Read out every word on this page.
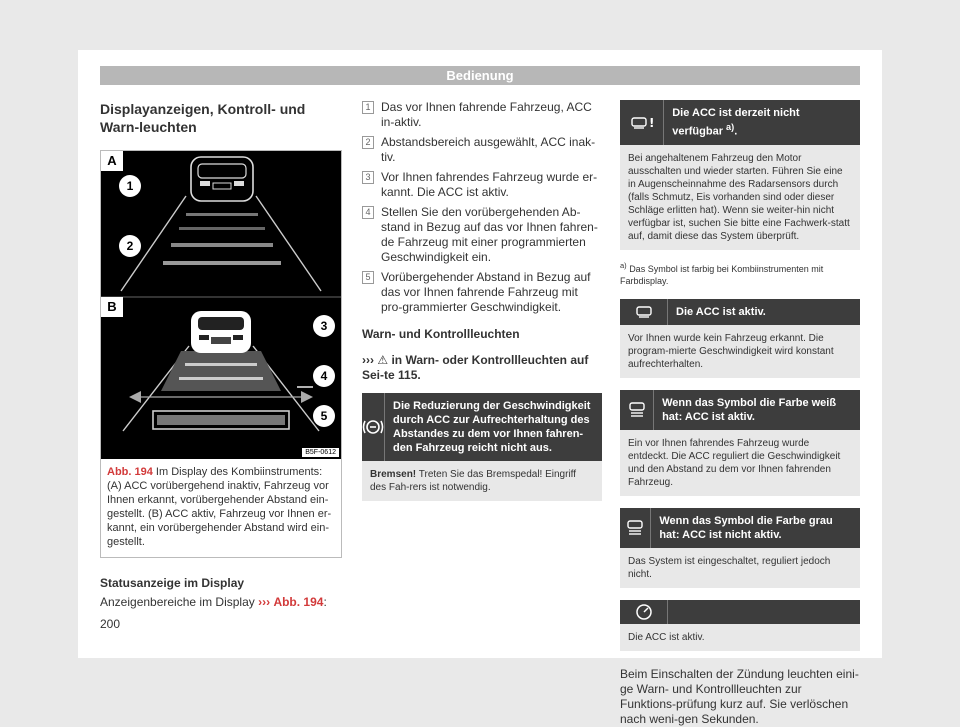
Bedienung
Displayanzeigen, Kontroll- und Warn-leuchten
A
B
1
2
3
4
5
B5F-0612
Abb. 194 Im Display des Kombiinstruments: (A) ACC vorübergehend inaktiv, Fahrzeug vor Ihnen erkannt, vorübergehender Abstand ein-gestellt. (B) ACC aktiv, Fahrzeug vor Ihnen er-kannt, ein vorübergehender Abstand wird ein-gestellt.
Statusanzeige im Display
Anzeigenbereiche im Display ››› Abb. 194:
1 Das vor Ihnen fahrende Fahrzeug, ACC in-aktiv.
2 Abstandsbereich ausgewählt, ACC inak-tiv.
3 Vor Ihnen fahrendes Fahrzeug wurde er-kannt. Die ACC ist aktiv.
4 Stellen Sie den vorübergehenden Ab-stand in Bezug auf das vor Ihnen fahren-de Fahrzeug mit einer programmierten Geschwindigkeit ein.
5 Vorübergehender Abstand in Bezug auf das vor Ihnen fahrende Fahrzeug mit pro-grammierter Geschwindigkeit.
Warn- und Kontrollleuchten
››› ⚠ in Warn- oder Kontrollleuchten auf Sei-te 115.
Die Reduzierung der Geschwindigkeit durch ACC zur Aufrechterhaltung des Abstandes zu dem vor Ihnen fahren-den Fahrzeug reicht nicht aus.
Bremsen! Treten Sie das Bremspedal! Eingriff des Fah-rers ist notwendig.
!
Die ACC ist derzeit nicht verfügbar $^{a)}$.
Bei angehaltenem Fahrzeug den Motor ausschalten und wieder starten. Führen Sie eine in Augenscheinnahme des Radarsensors durch (falls Schmutz, Eis vorhanden sind oder dieser Schläge erlitten hat). Wenn sie weiter-hin nicht verfügbar ist, suchen Sie bitte eine Fachwerk-statt auf, damit diese das System überprüft.
$^{a)}$ Das Symbol ist farbig bei Kombiinstrumenten mit Farbdisplay.
Die ACC ist aktiv.
Vor Ihnen wurde kein Fahrzeug erkannt. Die program-mierte Geschwindigkeit wird konstant aufrechterhalten.
Wenn das Symbol die Farbe weiß hat: ACC ist aktiv.
Ein vor Ihnen fahrendes Fahrzeug wurde entdeckt. Die ACC reguliert die Geschwindigkeit und den Abstand zu dem vor Ihnen fahrenden Fahrzeug.
Wenn das Symbol die Farbe grau hat: ACC ist nicht aktiv.
Das System ist eingeschaltet, reguliert jedoch nicht.
Die ACC ist aktiv.
Beim Einschalten der Zündung leuchten eini-ge Warn- und Kontrollleuchten zur Funktions-prüfung kurz auf. Sie verlöschen nach weni-gen Sekunden.
200
